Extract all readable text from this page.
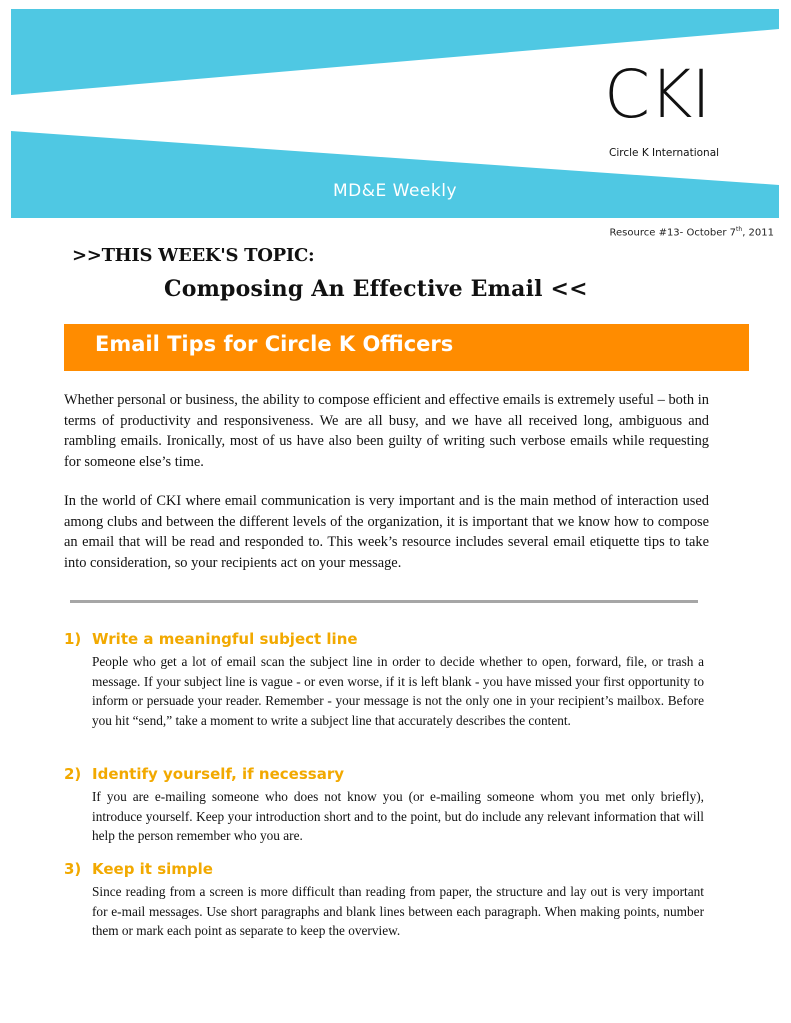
CKI
Circle K International
MD&E Weekly
Resource #13- October 7th, 2011
>>THIS WEEK'S TOPIC:
Composing An Effective Email <<
Email Tips for Circle K Officers
Whether personal or business, the ability to compose efficient and effective emails is extremely useful – both in terms of productivity and responsiveness. We are all busy, and we have all received long, ambiguous and rambling emails. Ironically, most of us have also been guilty of writing such verbose emails while requesting for someone else’s time.
In the world of CKI where email communication is very important and is the main method of interaction used among clubs and between the different levels of the organization, it is important that we know how to compose an email that will be read and responded to. This week’s resource includes several email etiquette tips to take into consideration, so your recipients act on your message.
1) Write a meaningful subject line
People who get a lot of email scan the subject line in order to decide whether to open, forward, file, or trash a message. If your subject line is vague - or even worse, if it is left blank - you have missed your first opportunity to inform or persuade your reader. Remember - your message is not the only one in your recipient’s mailbox. Before you hit “send,” take a moment to write a subject line that accurately describes the content.
2) Identify yourself, if necessary
If you are e-mailing someone who does not know you (or e-mailing someone whom you met only briefly), introduce yourself. Keep your introduction short and to the point, but do include any relevant information that will help the person remember who you are.
3) Keep it simple
Since reading from a screen is more difficult than reading from paper, the structure and lay out is very important for e-mail messages. Use short paragraphs and blank lines between each paragraph. When making points, number them or mark each point as separate to keep the overview.
